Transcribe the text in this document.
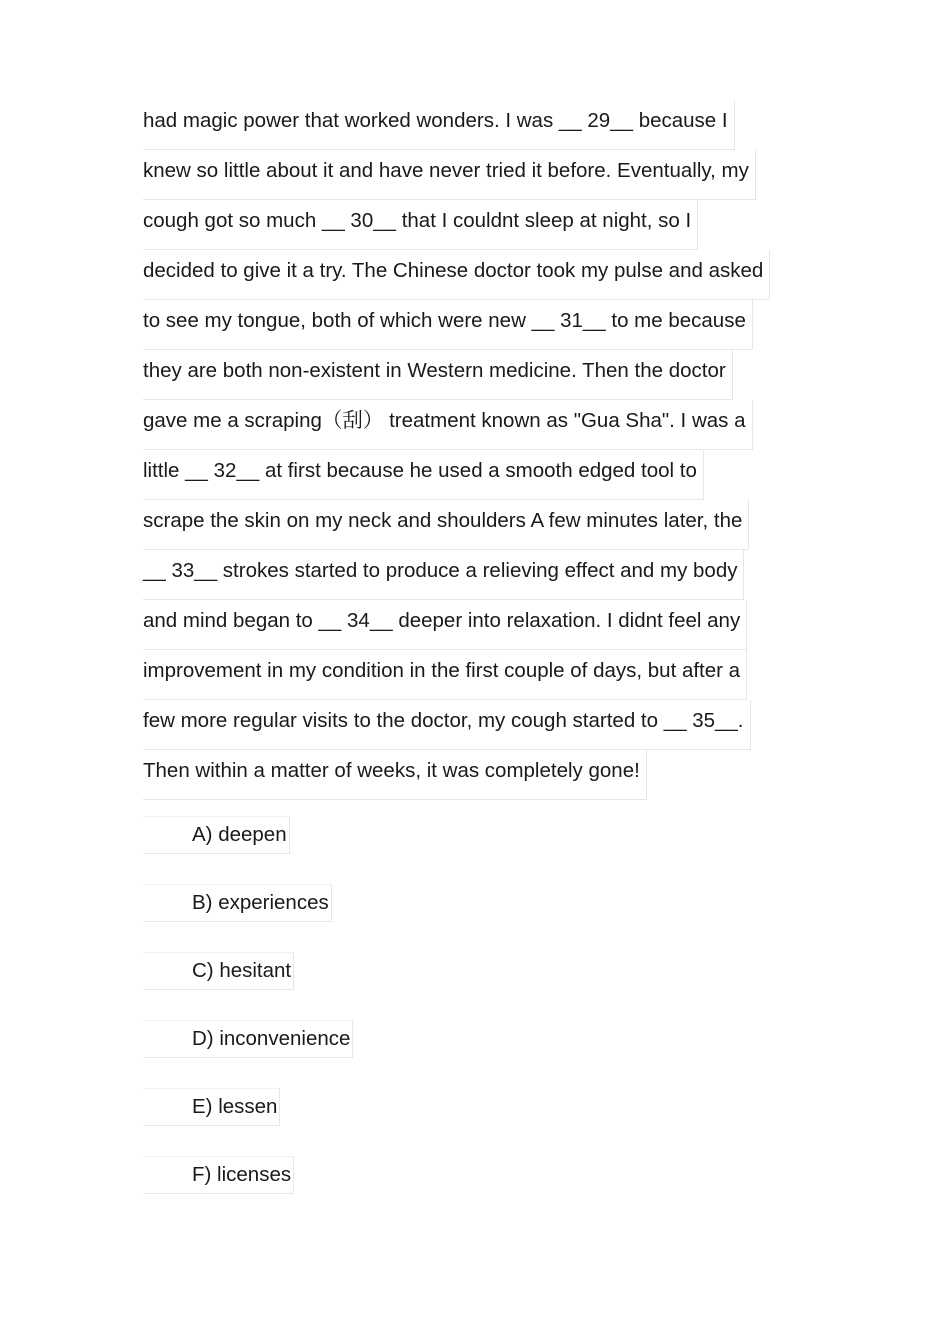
had magic power that worked wonders. I was __ 29__ because I
knew so little about it and have never tried it before. Eventually, my
cough got so much __ 30__ that I couldnt sleep at night, so I
decided to give it a try. The Chinese doctor took my pulse and asked
to see my tongue, both of which were new __ 31__ to me because
they are both non-existent in Western medicine. Then the doctor
gave me a scraping（刮） treatment known as "Gua Sha". I was a
little __ 32__ at first because he used a smooth edged tool to
scrape the skin on my neck and shoulders A few minutes later, the
__ 33__ strokes started to produce a relieving effect and my body
and mind began to __ 34__ deeper into relaxation. I didnt feel any
improvement in my condition in the first couple of days, but after a
few more regular visits to the doctor, my cough started to __ 35__.
Then within a matter of weeks, it was completely gone!
A) deepen
B) experiences
C) hesitant
D) inconvenience
E) lessen
F) licenses
